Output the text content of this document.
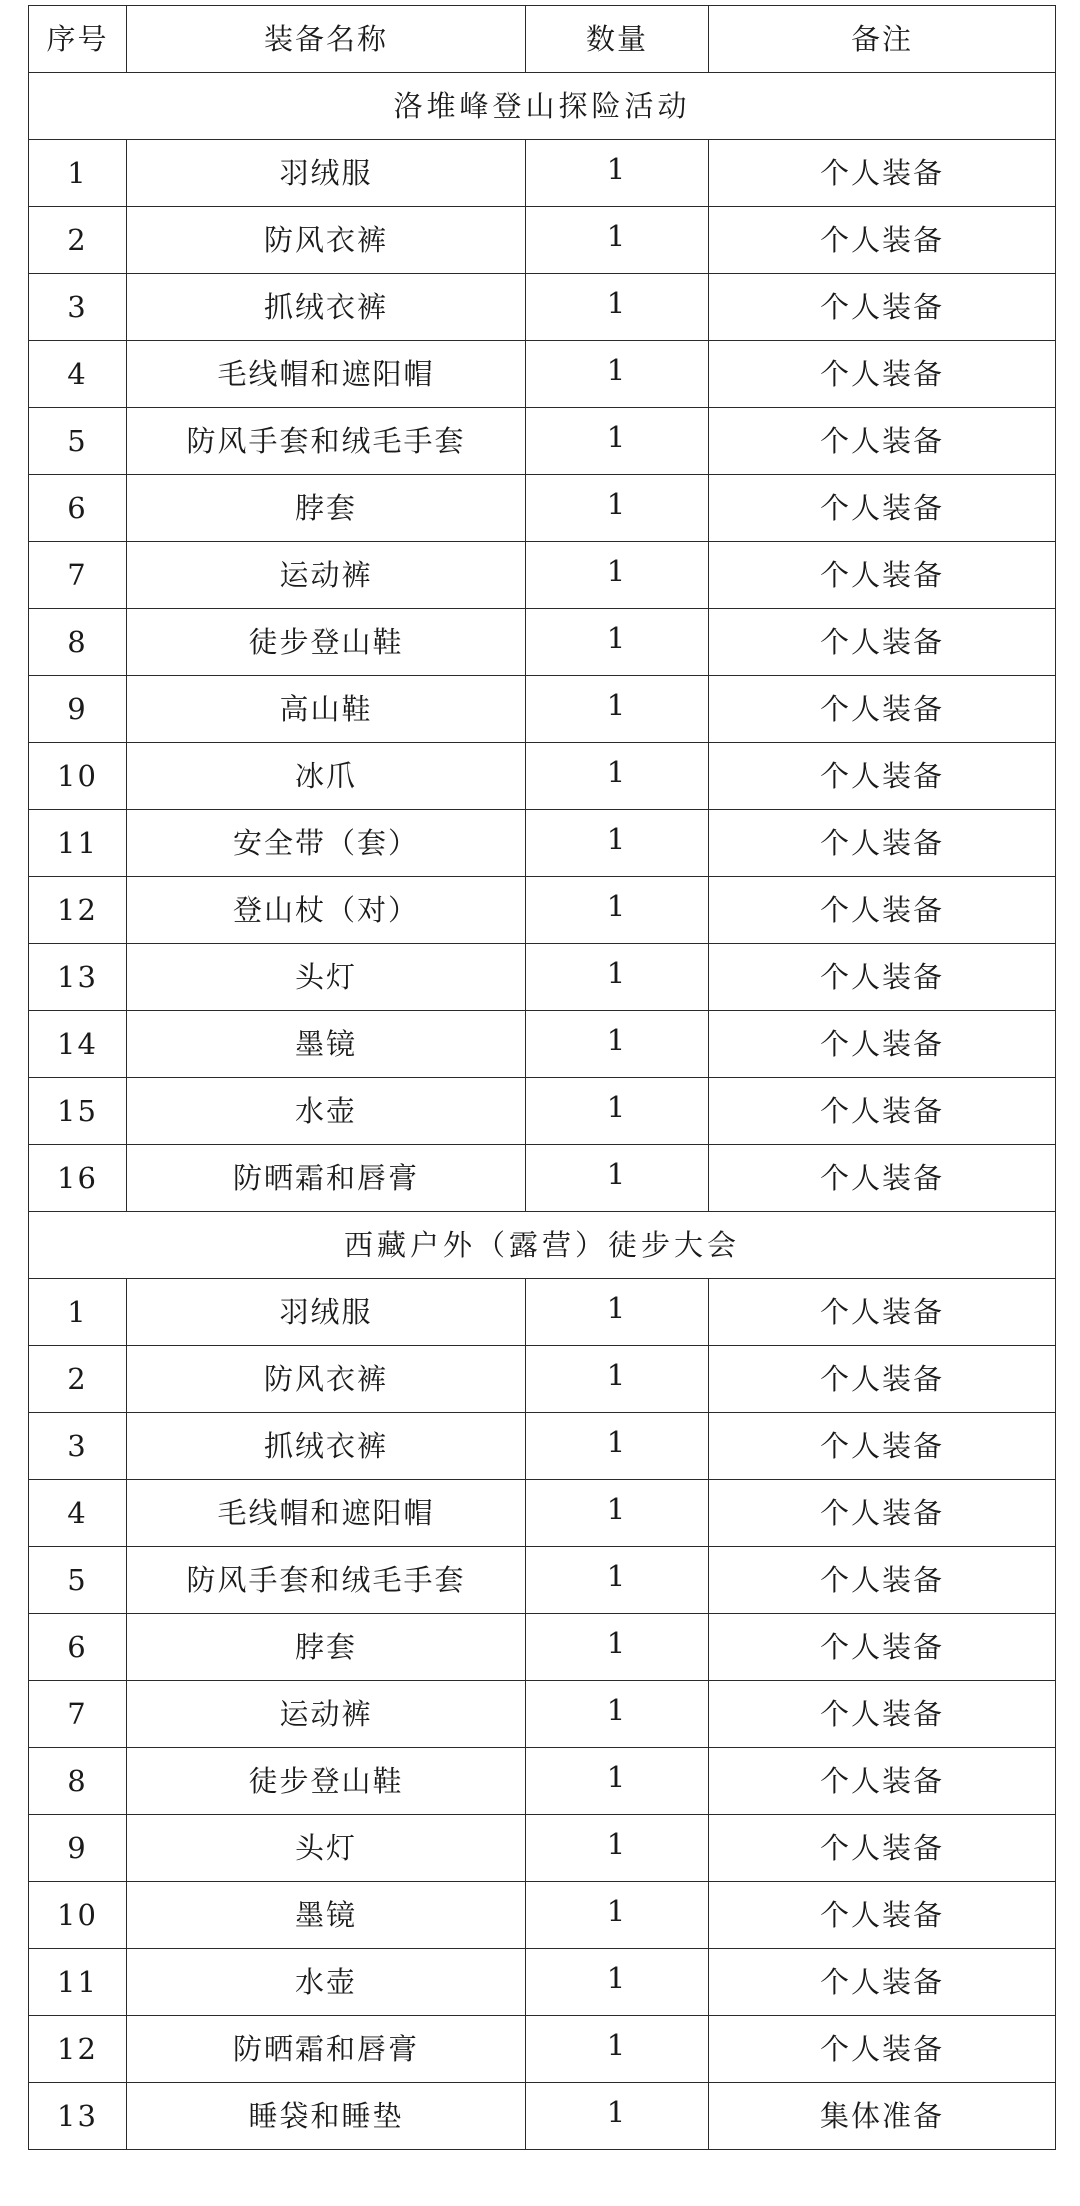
序号	装备名称	数量	备注
洛堆峰登山探险活动			
1	羽绒服	1	个人装备
2	防风衣裤	1	个人装备
3	抓绒衣裤	1	个人装备
4	毛线帽和遮阳帽	1	个人装备
5	防风手套和绒毛手套	1	个人装备
6	脖套	1	个人装备
7	运动裤	1	个人装备
8	徒步登山鞋	1	个人装备
9	高山鞋	1	个人装备
10	冰爪	1	个人装备
11	安全带（套）	1	个人装备
12	登山杖（对）	1	个人装备
13	头灯	1	个人装备
14	墨镜	1	个人装备
15	水壶	1	个人装备
16	防晒霜和唇膏	1	个人装备
西藏户外（露营）徒步大会			
1	羽绒服	1	个人装备
2	防风衣裤	1	个人装备
3	抓绒衣裤	1	个人装备
4	毛线帽和遮阳帽	1	个人装备
5	防风手套和绒毛手套	1	个人装备
6	脖套	1	个人装备
7	运动裤	1	个人装备
8	徒步登山鞋	1	个人装备
9	头灯	1	个人装备
10	墨镜	1	个人装备
11	水壶	1	个人装备
12	防晒霜和唇膏	1	个人装备
13	睡袋和睡垫	1	集体准备
